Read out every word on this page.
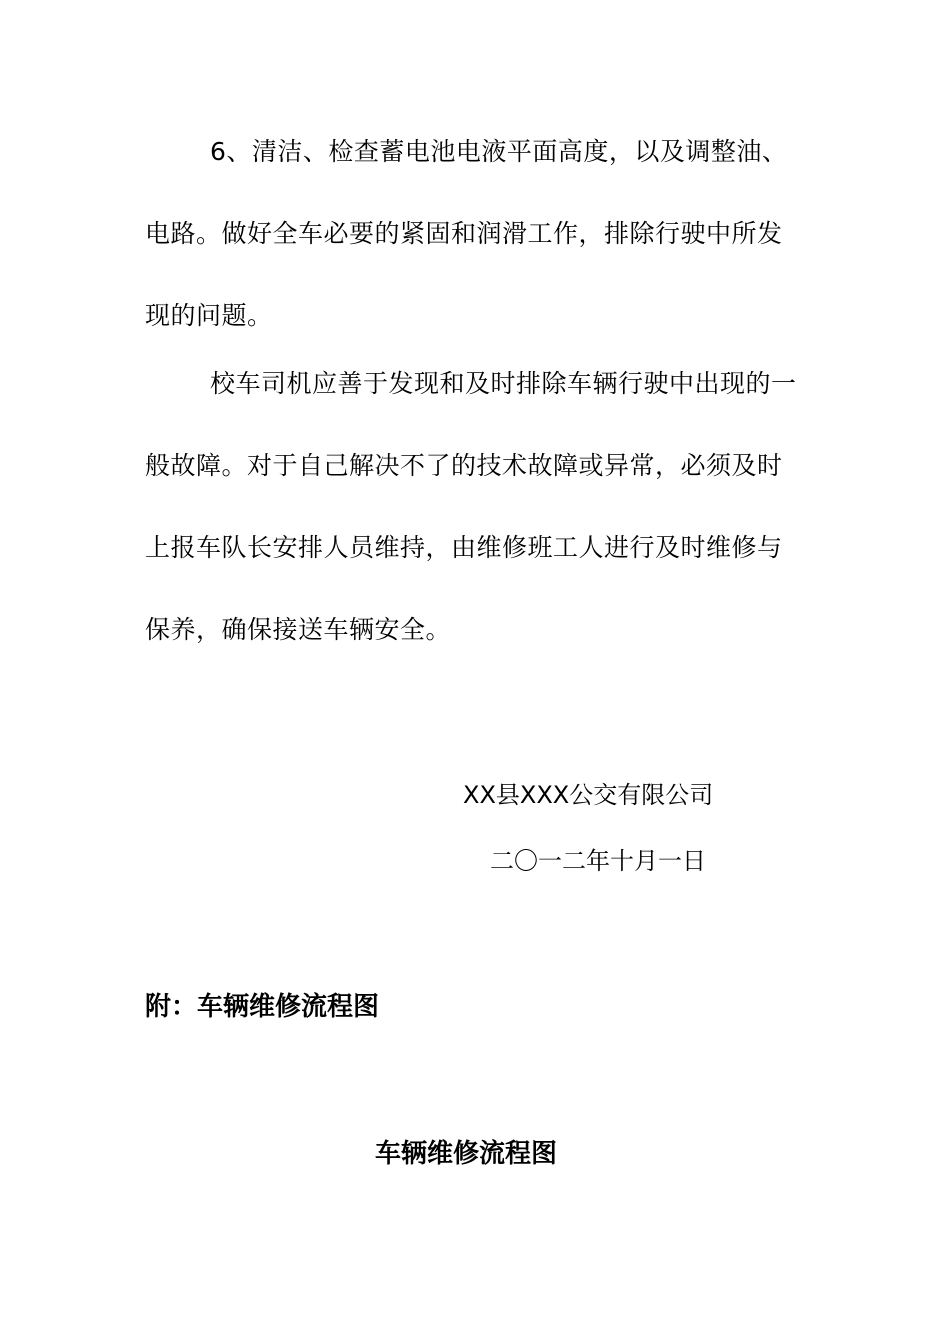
6、清洁、检查蓄电池电液平面高度，以及调整油、
电路。做好全车必要的紧固和润滑工作，排除行驶中所发
现的问题。
校车司机应善于发现和及时排除车辆行驶中出现的一
般故障。对于自己解决不了的技术故障或异常，必须及时
上报车队长安排人员维持，由维修班工人进行及时维修与
保养，确保接送车辆安全。
XX县XXX公交有限公司
二〇一二年十月一日
附：车辆维修流程图
车辆维修流程图
